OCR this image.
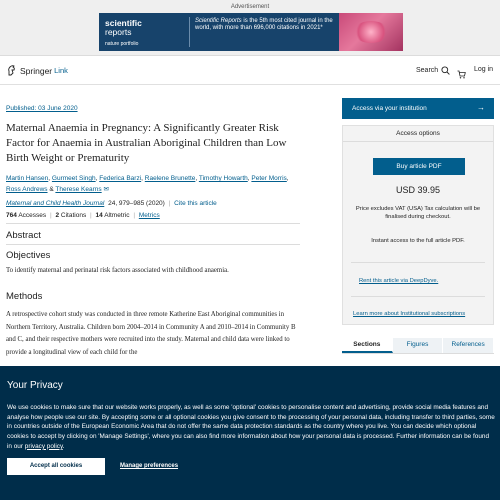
Advertisement
scientific
reports
nature portfolio
Scientific Reports is the 5th most cited journal in the world, with more than 696,000 citations in 2021*
Springer Link	Search	Log in
Published: 03 June 2020
Maternal Anaemia in Pregnancy: A Significantly Greater Risk Factor for Anaemia in Australian Aboriginal Children than Low Birth Weight or Prematurity
Martin Hansen, Gurmeet Singh, Federica Barzi, Raelene Brunette, Timothy Howarth, Peter Morris, Ross Andrews & Therese Kearns ✉
Maternal and Child Health Journal 24, 979–985 (2020) | Cite this article
764 Accesses | 2 Citations | 14 Altmetric | Metrics
Abstract
Objectives

To identify maternal and perinatal risk factors associated with childhood anaemia.

Methods

A retrospective cohort study was conducted in three remote Katherine East Aboriginal communities in Northern Territory, Australia. Children born 2004–2014 in Community A and 2010–2014 in Community B and C, and their respective mothers were recruited into the study. Maternal and child data were linked to provide a longitudinal view of each child for the

Access via your institution	→
Access options
Buy article PDF
USD 39.95
Price excludes VAT (USA) Tax calculation will be finalised during checkout.
Instant access to the full article PDF.
Rent this article via DeepDyve.
Learn more about Institutional subscriptions
Sections	Figures	References
Your Privacy

We use cookies to make sure that our website works properly, as well as some 'optional' cookies to personalise content and advertising, provide social media features and analyse how people use our site. By accepting some or all optional cookies you give consent to the processing of your personal data, including transfer to third parties, some in countries outside of the European Economic Area that do not offer the same data protection standards as the country where you live. You can decide which optional cookies to accept by clicking on 'Manage Settings', where you can also find more information about how your personal data is processed. Further information can be found in our privacy policy.

Accept all cookies	Manage preferences
